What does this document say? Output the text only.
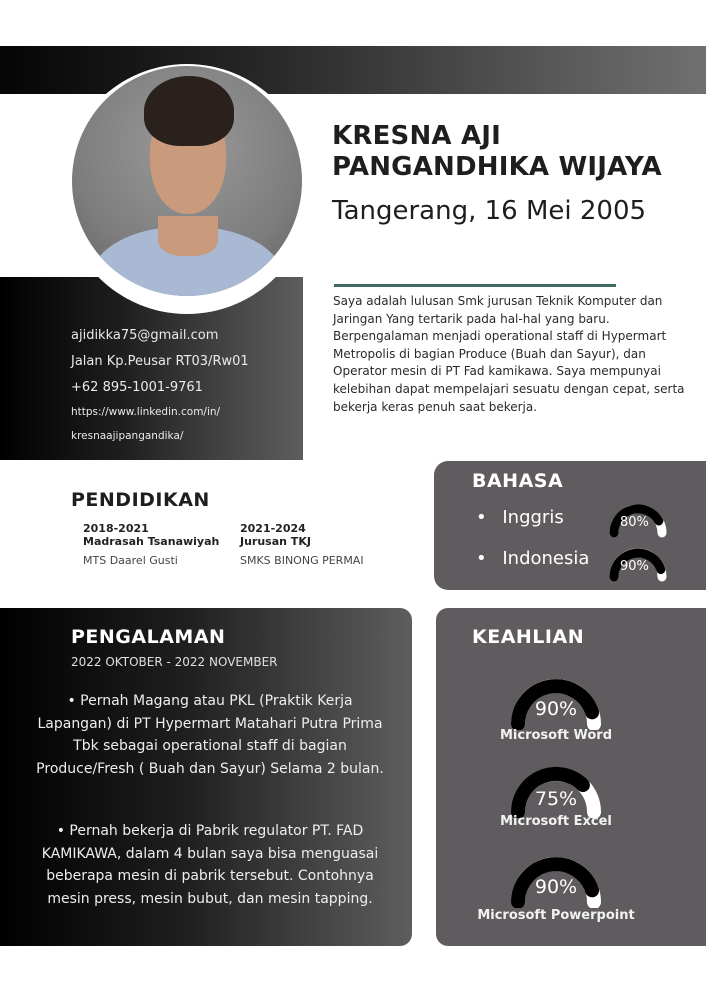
KRESNA AJI
PANGANDHIKA WIJAYA
Tangerang, 16 Mei 2005
Saya adalah lulusan Smk jurusan Teknik Komputer dan Jaringan Yang tertarik pada hal-hal yang baru. Berpengalaman menjadi operational staff di Hypermart Metropolis di bagian Produce (Buah dan Sayur), dan Operator mesin di PT Fad kamikawa. Saya mempunyai kelebihan dapat mempelajari sesuatu dengan cepat, serta bekerja keras penuh saat bekerja.
ajidikka75@gmail.com
Jalan Kp.Peusar RT03/Rw01
+62 895-1001-9761
https://www.linkedin.com/in/
kresnaajipangandika/
PENDIDIKAN
2018-2021
Madrasah Tsanawiyah
MTS Daarel Gusti
2021-2024
Jurusan TKJ
SMKS BINONG PERMAI
BAHASA
• Inggris	80%
• Indonesia 90%
PENGALAMAN
2022 OKTOBER - 2022 NOVEMBER
• Pernah Magang atau PKL (Praktik Kerja Lapangan) di PT Hypermart Matahari Putra Prima Tbk sebagai operational staff di bagian Produce/Fresh ( Buah dan Sayur) Selama 2 bulan.
• Pernah bekerja di Pabrik regulator PT. FAD KAMIKAWA, dalam 4 bulan saya bisa menguasai beberapa mesin di pabrik tersebut. Contohnya mesin press, mesin bubut, dan mesin tapping.
KEAHLIAN
90%
Microsoft Word
75%
Microsoft Excel
90%
Microsoft Powerpoint
